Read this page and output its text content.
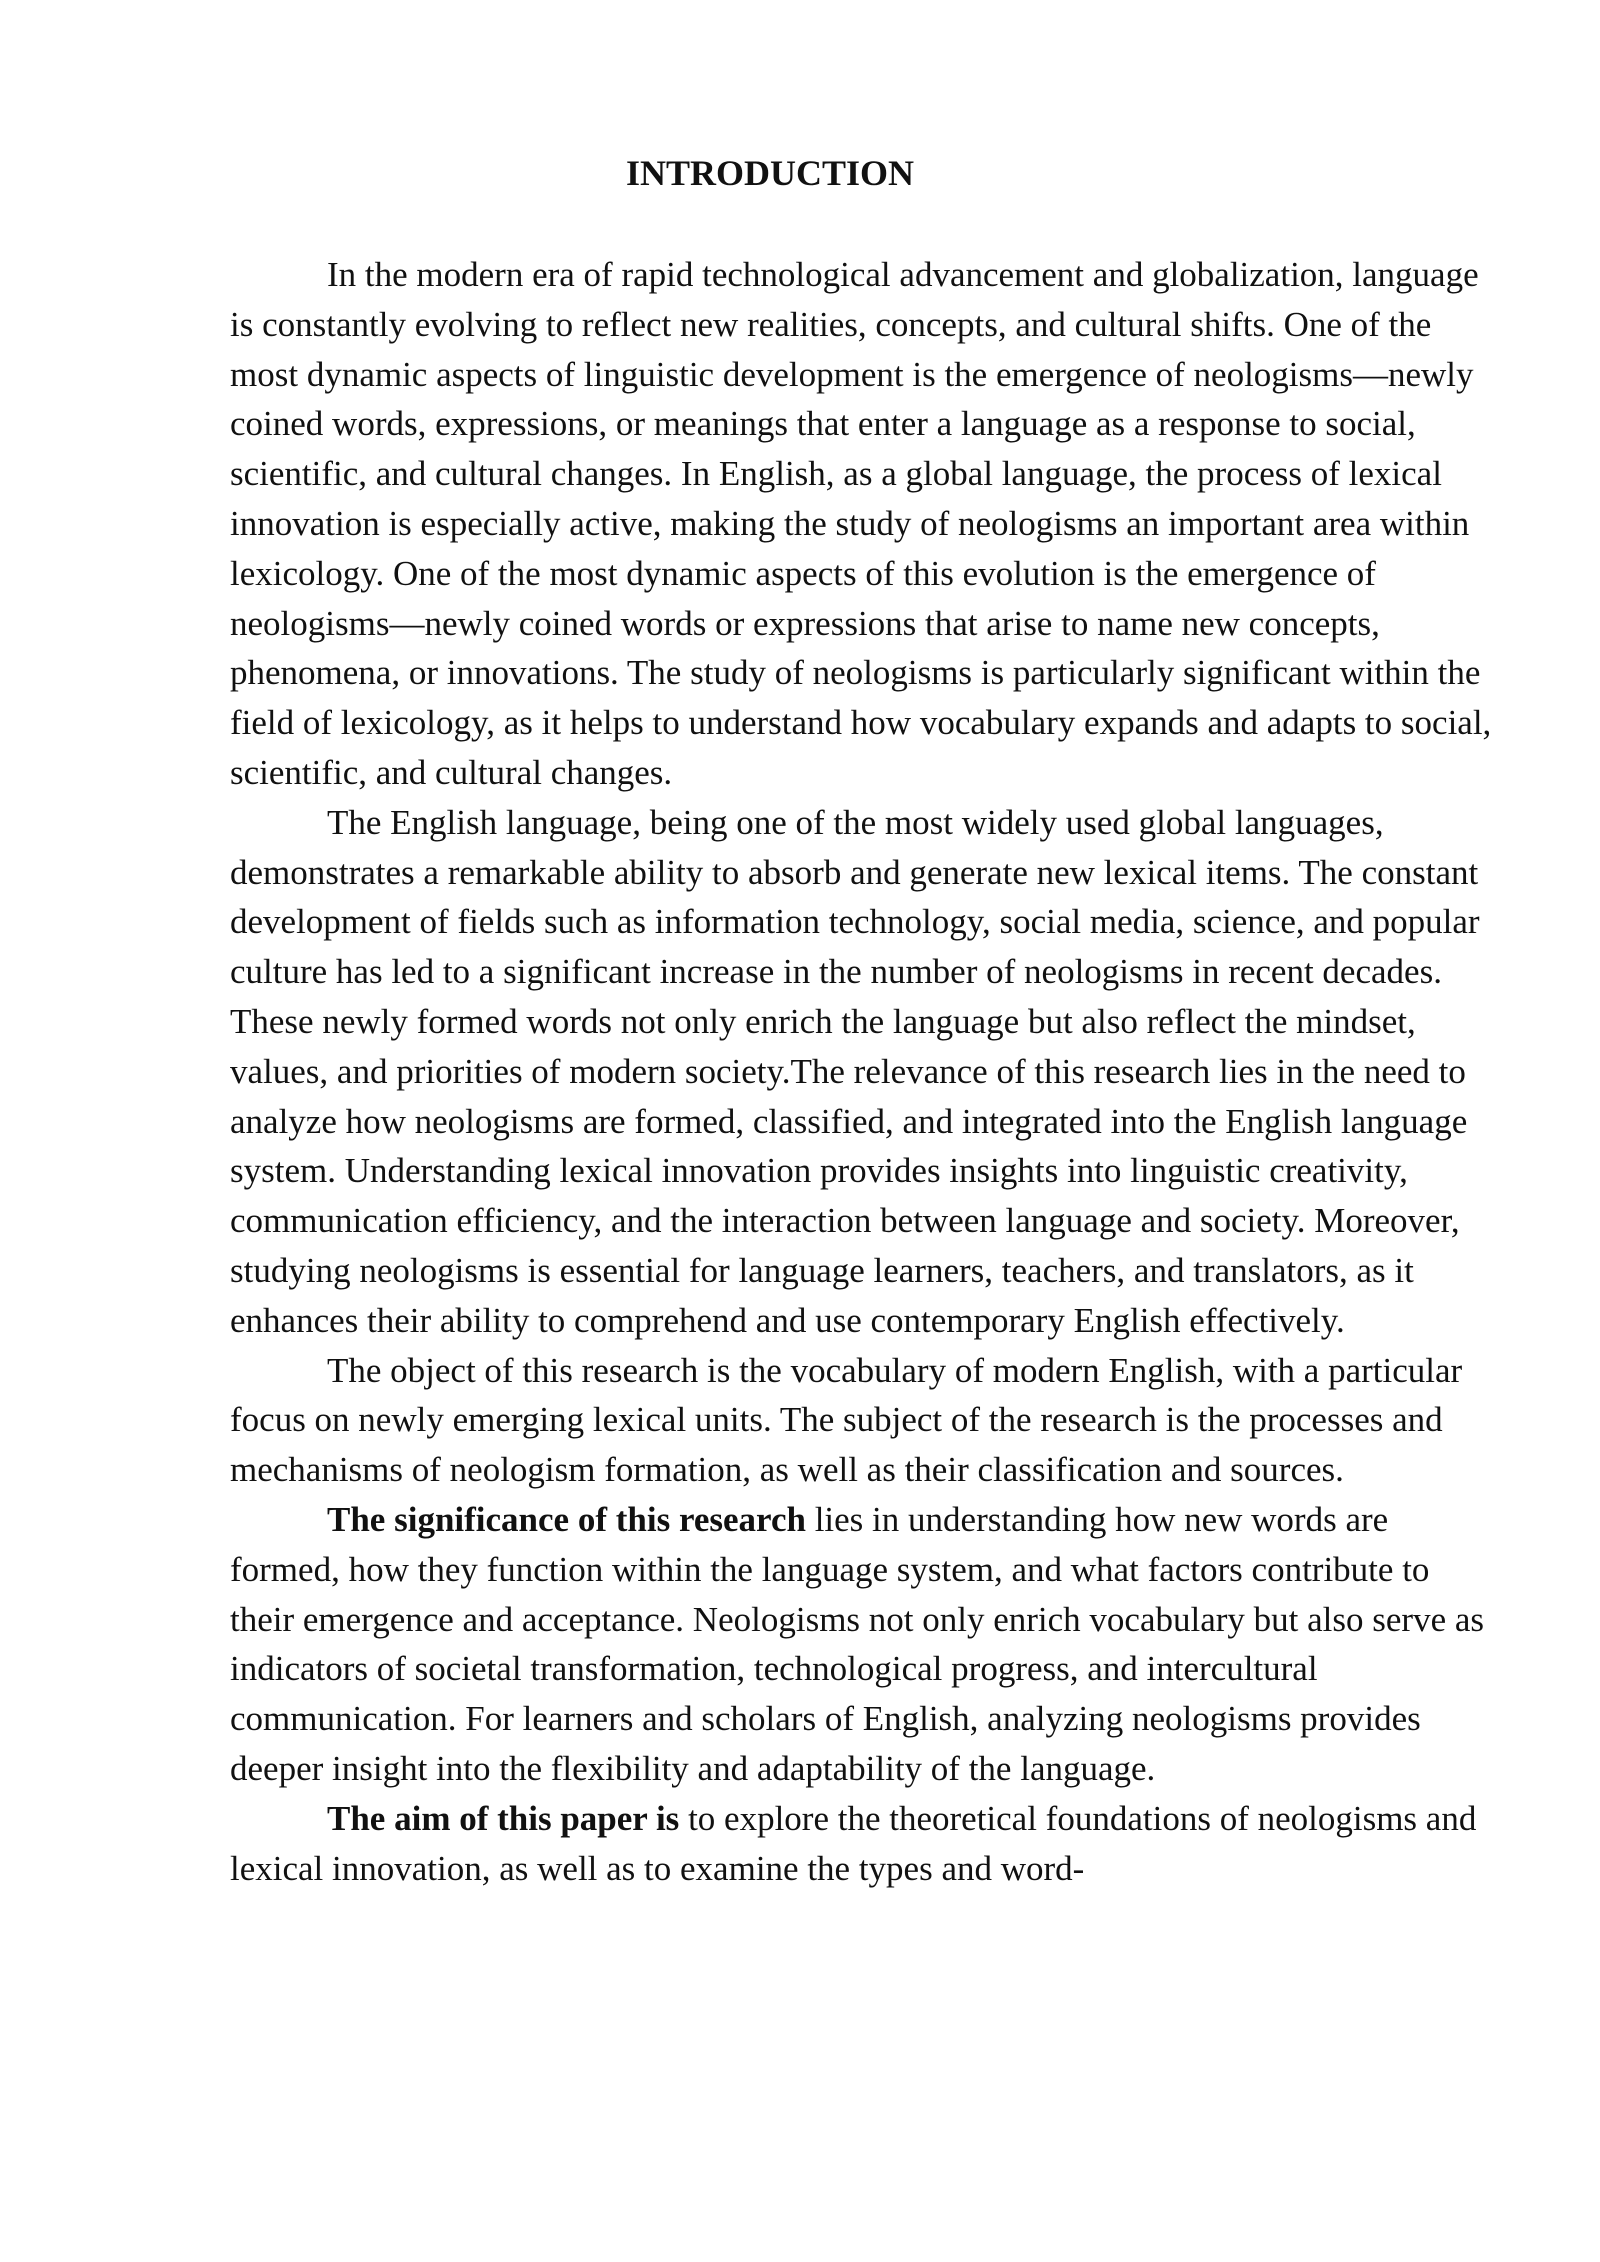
INTRODUCTION

In the modern era of rapid technological advancement and globalization, language is constantly evolving to reflect new realities, concepts, and cultural shifts. One of the most dynamic aspects of linguistic development is the emergence of neologisms—newly coined words, expressions, or meanings that enter a language as a response to social, scientific, and cultural changes. In English, as a global language, the process of lexical innovation is especially active, making the study of neologisms an important area within lexicology. One of the most dynamic aspects of this evolution is the emergence of neologisms—newly coined words or expressions that arise to name new concepts, phenomena, or innovations. The study of neologisms is particularly significant within the field of lexicology, as it helps to understand how vocabulary expands and adapts to social, scientific, and cultural changes.

The English language, being one of the most widely used global languages, demonstrates a remarkable ability to absorb and generate new lexical items. The constant development of fields such as information technology, social media, science, and popular culture has led to a significant increase in the number of neologisms in recent decades. These newly formed words not only enrich the language but also reflect the mindset, values, and priorities of modern society.The relevance of this research lies in the need to analyze how neologisms are formed, classified, and integrated into the English language system. Understanding lexical innovation provides insights into linguistic creativity, communication efficiency, and the interaction between language and society. Moreover, studying neologisms is essential for language learners, teachers, and translators, as it enhances their ability to comprehend and use contemporary English effectively.

The object of this research is the vocabulary of modern English, with a particular focus on newly emerging lexical units. The subject of the research is the processes and mechanisms of neologism formation, as well as their classification and sources.

The significance of this research lies in understanding how new words are formed, how they function within the language system, and what factors contribute to their emergence and acceptance. Neologisms not only enrich vocabulary but also serve as indicators of societal transformation, technological progress, and intercultural communication. For learners and scholars of English, analyzing neologisms provides deeper insight into the flexibility and adaptability of the language.

The aim of this paper is to explore the theoretical foundations of neologisms and lexical innovation, as well as to examine the types and word-
